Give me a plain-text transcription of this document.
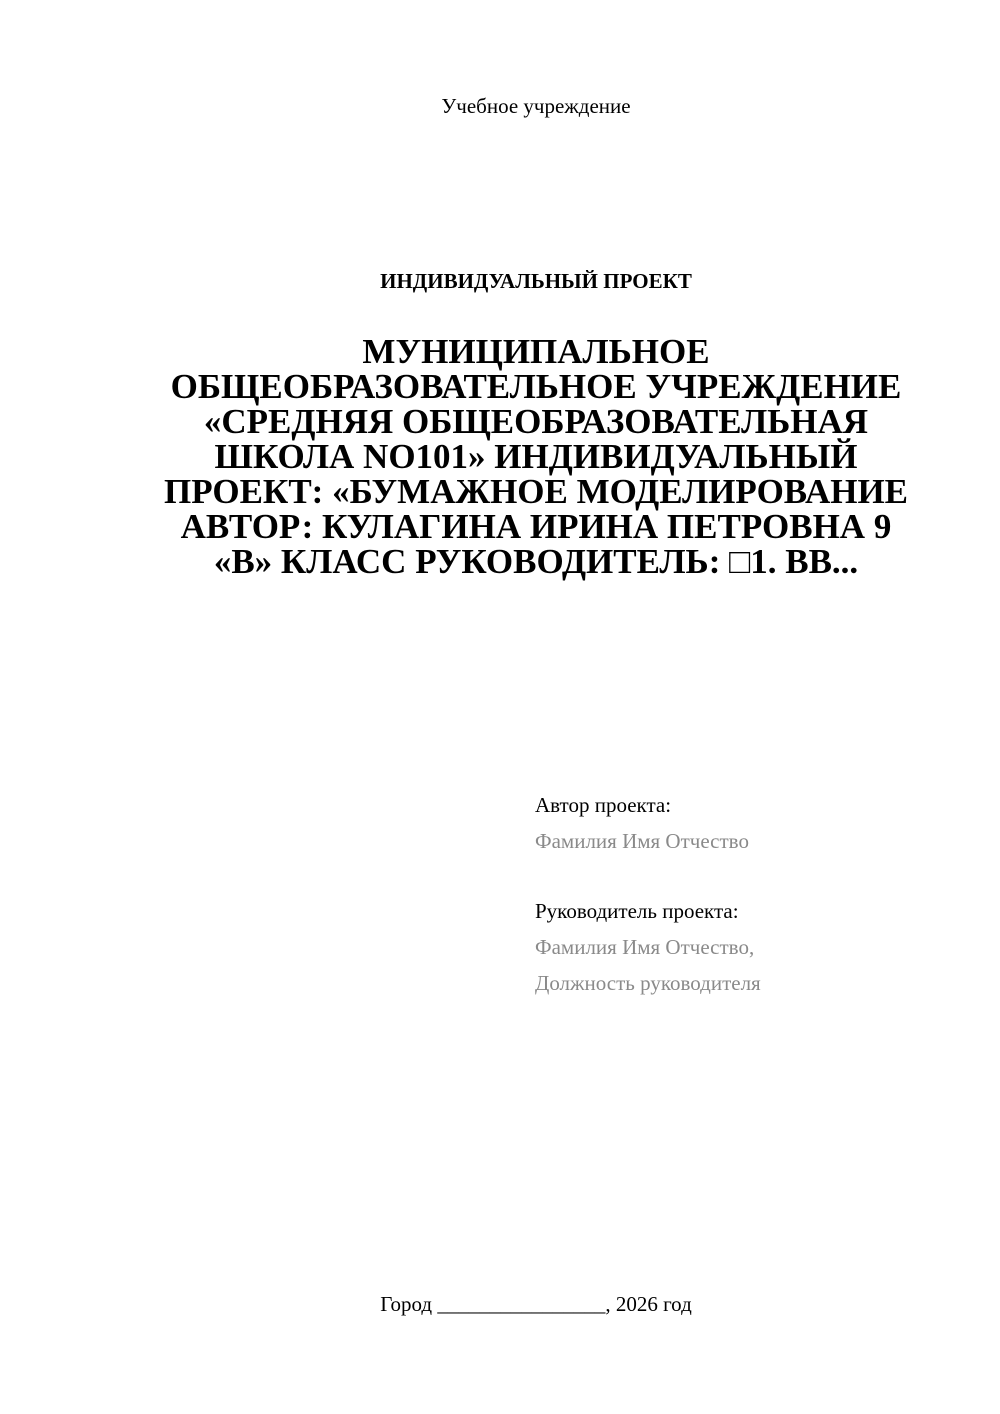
Учебное учреждение
ИНДИВИДУАЛЬНЫЙ ПРОЕКТ
МУНИЦИПАЛЬНОЕ ОБЩЕОБРАЗОВАТЕЛЬНОЕ УЧРЕЖДЕНИЕ «СРЕДНЯЯ ОБЩЕОБРАЗОВАТЕЛЬНАЯ ШКОЛА NO101» ИНДИВИДУАЛЬНЫЙ ПРОЕКТ: «БУМАЖНОЕ МОДЕЛИРОВАНИЕ АВТОР: КУЛАГИНА ИРИНА ПЕТРОВНА 9 «В» КЛАСС РУКОВОДИТЕЛЬ: □1. ВВ...
Автор проекта:
Фамилия Имя Отчество
Руководитель проекта:
Фамилия Имя Отчество,
Должность руководителя
Город ________________, 2026 год
